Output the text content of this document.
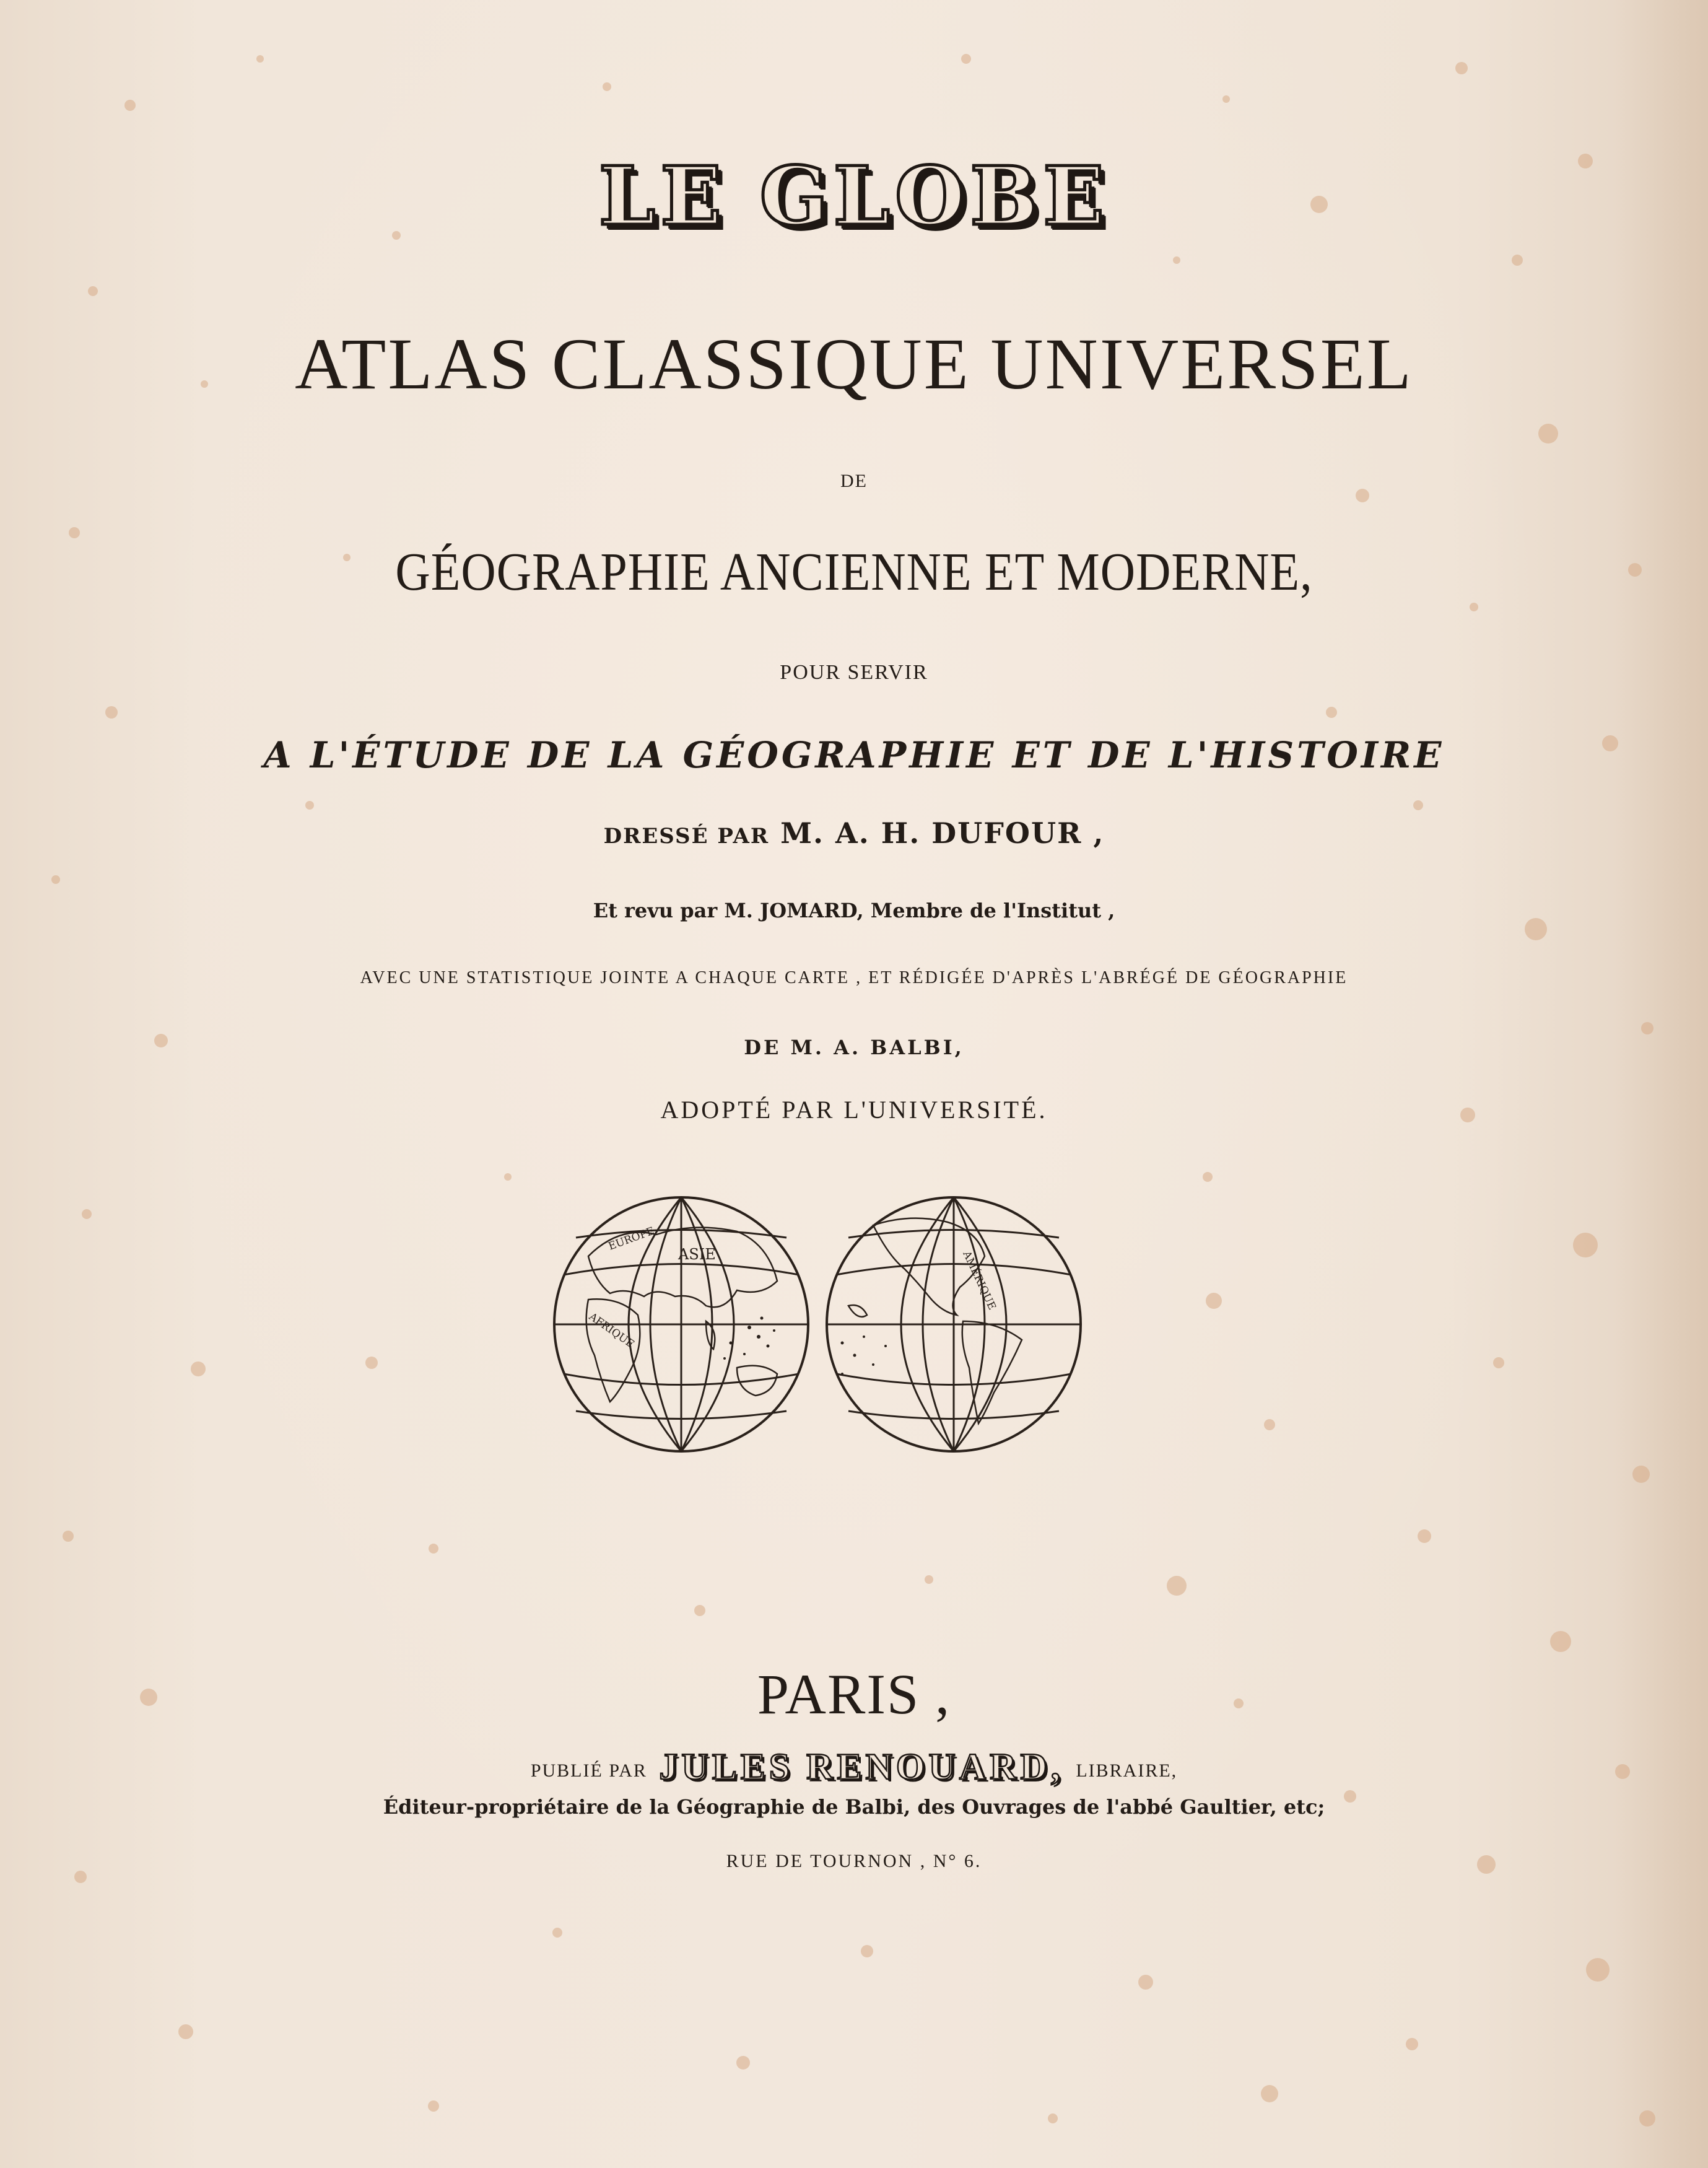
LE GLOBE
ATLAS CLASSIQUE UNIVERSEL
DE
GÉOGRAPHIE ANCIENNE ET MODERNE,
POUR SERVIR
A L'ÉTUDE DE LA GÉOGRAPHIE ET DE L'HISTOIRE
DRESSÉ PAR M. A. H. DUFOUR ,
Et revu par M. JOMARD, Membre de l'Institut ,
AVEC UNE STATISTIQUE JOINTE A CHAQUE CARTE , ET RÉDIGÉE D'APRÈS L'ABRÉGÉ DE GÉOGRAPHIE
DE M. A. BALBI,
ADOPTÉ PAR L'UNIVERSITÉ.
EUROPE
ASIE
AFRIQUE
AMÉRIQUE
PARIS ,
PUBLIÉ PAR JULES RENOUARD, LIBRAIRE,
Éditeur-propriétaire de la Géographie de Balbi, des Ouvrages de l'abbé Gaultier, etc;
RUE DE TOURNON , N° 6.
